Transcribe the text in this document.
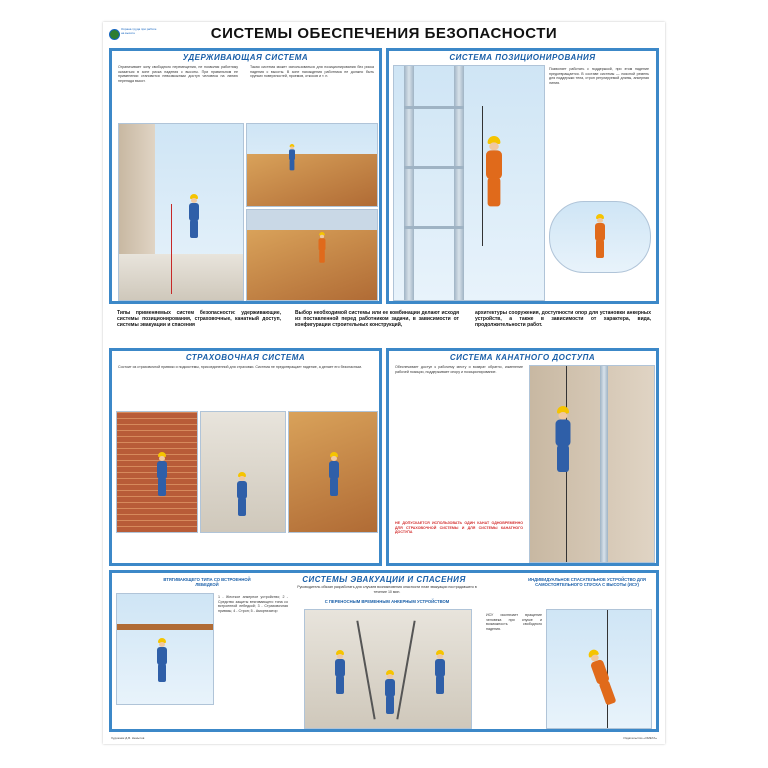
Охрана труда при работе на высоте	СИСТЕМЫ ОБЕСПЕЧЕНИЯ БЕЗОПАСНОСТИ
УДЕРЖИВАЮЩАЯ СИСТЕМА
Ограничивает зону свободного перемещения, не позволяя работнику оказаться в зоне риска падения с высоты. При правильном ее применении становится невозможным доступ человека на линию перепада высот.
Такая система может использоваться для позиционирования без риска падения с высоты. В зоне нахождения работника не должно быть хрупких поверхностей, проемов, откосов и т. п.
СИСТЕМА ПОЗИЦИОНИРОВАНИЯ
Позволяет работать с поддержкой, при этом падение предотвращается. В составе системы — поясной ремень для поддержки тела, строп регулируемой длины, анкерная линия.
Типы применяемых систем безопасности: удерживающие, системы позиционирования, страховочные, канатный доступ, системы эвакуации и спасения
Выбор необходимой системы или ее комбинации делают исходя из поставленной перед работником задачи, в зависимости от конфигурации строительных конструкций,
архитектуры сооружения, доступности опор для установки анкерных устройств, а также в зависимости от характера, вида, продолжительности работ.
СТРАХОВОЧНАЯ СИСТЕМА
Состоит из страховочной привязи и подсистемы, присоединенной для страховки. Система не предотвращает падение, а делает его безопасным.
СИСТЕМА КАНАТНОГО ДОСТУПА
Обеспечивает доступ к рабочему месту и возврат обратно, изменение рабочей позиции, поддерживает опору и позиционирование.
НЕ ДОПУСКАЕТСЯ ИСПОЛЬЗОВАТЬ ОДИН КАНАТ ОДНОВРЕМЕННО ДЛЯ СТРАХОВОЧНОЙ СИСТЕМЫ И ДЛЯ СИСТЕМЫ КАНАТНОГО ДОСТУПА
СИСТЕМЫ ЭВАКУАЦИИ И СПАСЕНИЯ
Руководитель обязан разработать для случаев возникновения опасности план эвакуации пострадавшего в течение 10 мин.
ВТЯГИВАЮЩЕГО ТИПА СО ВСТРОЕННОЙ ЛЕБЕДКОЙ
С ПЕРЕНОСНЫМ ВРЕМЕННЫМ АНКЕРНЫМ УСТРОЙСТВОМ
ИНДИВИДУАЛЬНОЕ СПАСАТЕЛЬНОЕ УСТРОЙСТВО ДЛЯ САМОСТОЯТЕЛЬНОГО СПУСКА С ВЫСОТЫ (ИСУ)
1 - Жесткое анкерное устройство; 2 - Средство защиты втягивающего типа со встроенной лебедкой; 3 - Страховочная привязь; 4 - Строп; 5 - Амортизатор
ИСУ исключает вращение человека при спуске и возможность свободного падения.
Художник Д.В. Немытов	Издательство «ОМЕГА»
